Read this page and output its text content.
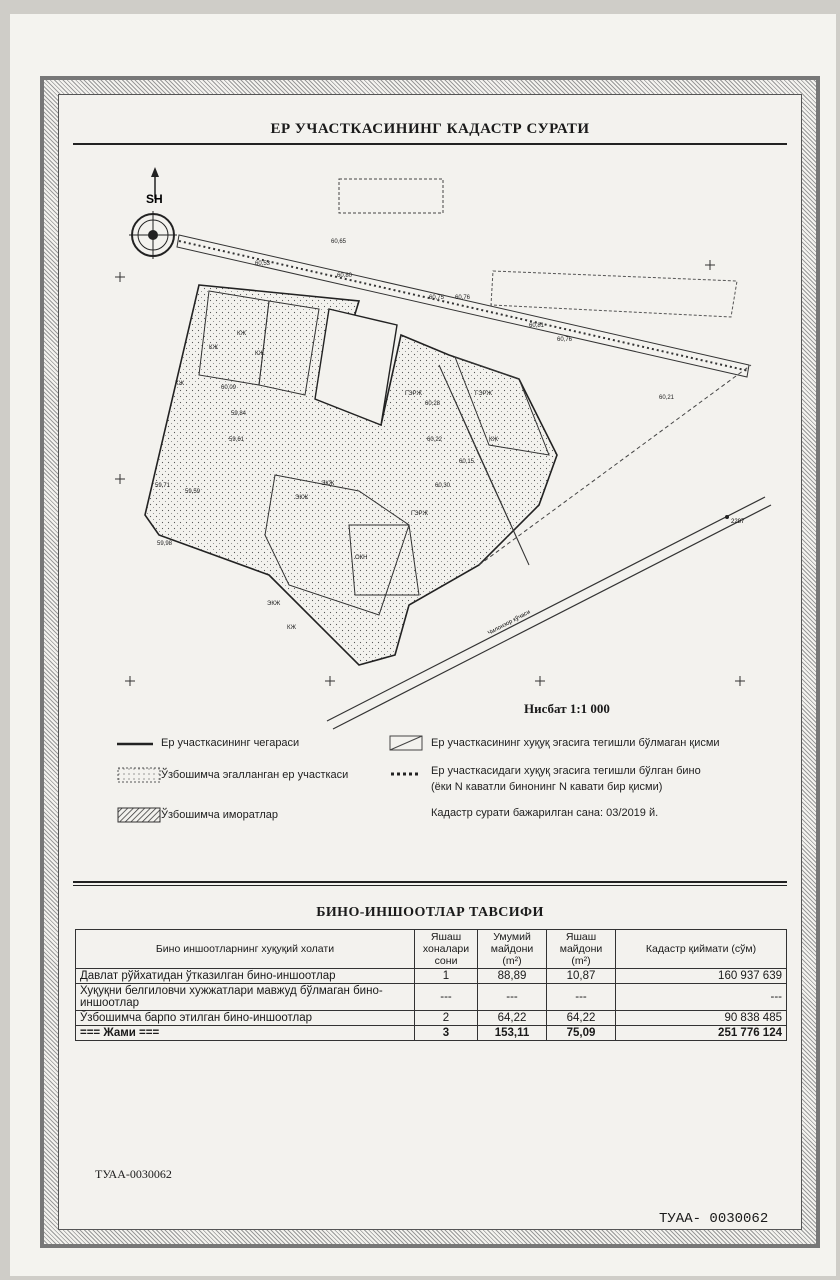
ЕР УЧАСТКАСИНИНГ КАДАСТР СУРАТИ
SH
Чилонзор кўчаси
2287
60,65
60,53
60,80
60,75 60,76
60,81
60,76
60,09
59,84
59,61
59,71
59,59
59,98
60,28
60,22
60,15
60,30
60,21
КЖ
КЖ
КЖ
КЖ
КЖ
КЖ
ЭКЖ
ЭКЖ
ЭКЖ
ОКН
ГЭРЖ	ГЭРЖ
ГЭРЖ
Нисбат 1:1 000
Ер участкасининг чегараси
Ўзбошимча эгалланган ер участкаси
Ўзбошимча иморатлар
Ер участкасининг хуқуқ эгасига тегишли бўлмаган қисми
Ер участкасидаги хуқуқ эгасига тегишли бўлган бино
(ёки N каватли бинонинг N кавати бир қисми)
Кадастр сурати бажарилган сана: 03/2019 й.
БИНО-ИНШООТЛАР ТАВСИФИ
Бино иншоотларнинг хуқуқий холати	Яшаш хоналари сони	Умумий майдони (m²)	Яшаш майдони (m²)	Кадастр қиймати (сўм)
Давлат рўйхатидан ўтказилган бино-иншоотлар	1	88,89	10,87	160 937 639
Хуқуқни белгиловчи хужжатлари мавжуд бўлмаган бино-иншоотлар	---	---	---	---
Ўзбошимча барпо этилган бино-иншоотлар	2	64,22	64,22	90 838 485
=== Жами ===	3	153,11	75,09	251 776 124
ТУАА-0030062
ТУАА- 0030062
